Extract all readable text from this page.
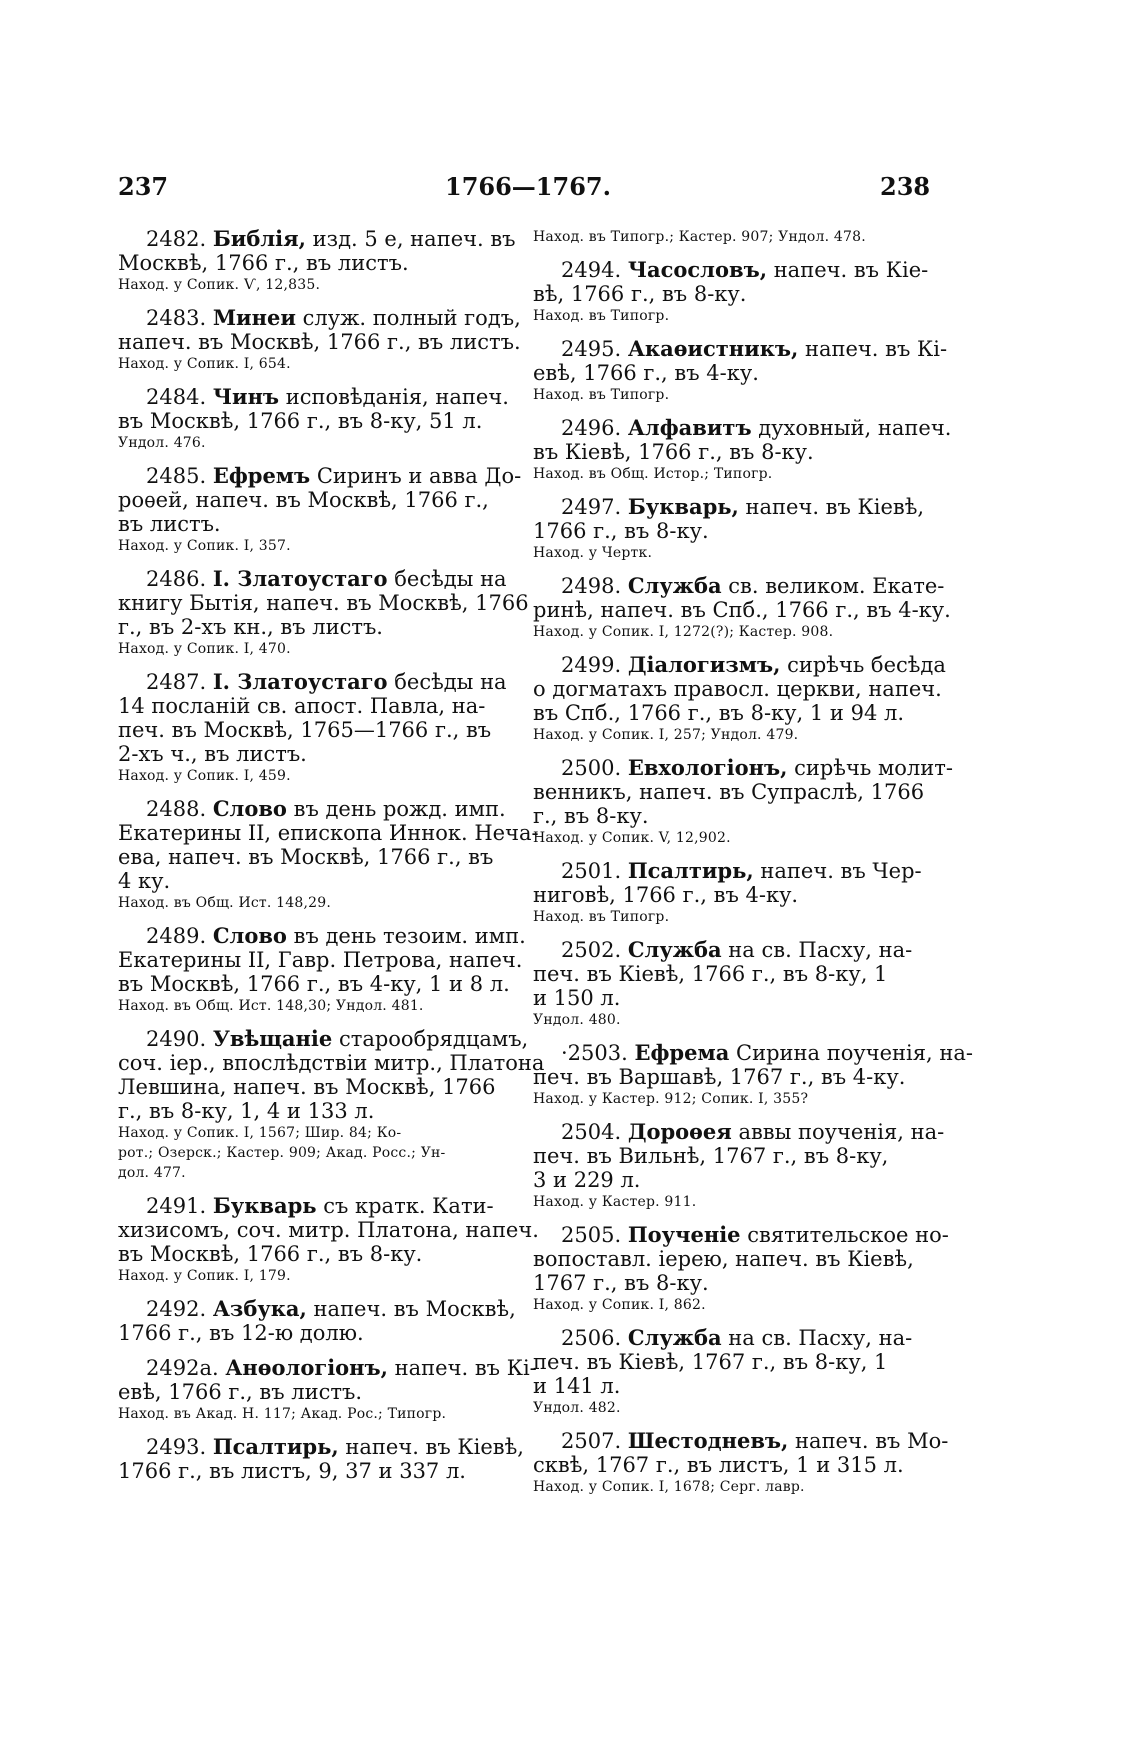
237	1766—1767.	238
2482. Библія, изд. 5 е, напеч. въ
Москвѣ, 1766 г., въ листъ.
Наход. у Сопик. Ѵ, 12,835.
2483. Минеи служ. полный годъ,
напеч. въ Москвѣ, 1766 г., въ листъ.
Наход. у Сопик. I, 654.
2484. Чинъ исповѣданія, напеч.
въ Москвѣ, 1766 г., въ 8-ку, 51 л.
Ундол. 476.
2485. Ефремъ Сиринъ и авва До-
роѳей, напеч. въ Москвѣ, 1766 г.,
въ листъ.
Наход. у Сопик. I, 357.
2486. І. Златоустаго бесѣды на
книгу Бытія, напеч. въ Москвѣ, 1766
г., въ 2-хъ кн., въ листъ.
Наход. у Сопик. I, 470.
2487. І. Златоустаго бесѣды на
14 посланій св. апост. Павла, на-
печ. въ Москвѣ, 1765—1766 г., въ
2-хъ ч., въ листъ.
Наход. у Сопик. I, 459.
2488. Слово въ день рожд. имп.
Екатерины II, епископа Иннок. Неча-
ева, напеч. въ Москвѣ, 1766 г., въ
4 ку.
Наход. въ Общ. Ист. 148,29.
2489. Слово въ день тезоим. имп.
Екатерины II, Гавр. Петрова, напеч.
въ Москвѣ, 1766 г., въ 4-ку, 1 и 8 л.
Наход. въ Общ. Ист. 148,30; Ундол. 481.
2490. Увѣщаніе старообрядцамъ,
соч. іер., впослѣдствіи митр., Платона
Левшина, напеч. въ Москвѣ, 1766
г., въ 8-ку, 1, 4 и 133 л.
Наход. у Сопик. I, 1567; Шир. 84; Ко-
рот.; Озерск.; Кастер. 909; Акад. Росс.; Ун-
дол. 477.
2491. Букварь съ кратк. Кати-
хизисомъ, соч. митр. Платона, напеч.
въ Москвѣ, 1766 г., въ 8-ку.
Наход. у Сопик. I, 179.
2492. Азбука, напеч. въ Москвѣ,
1766 г., въ 12-ю долю.
2492а. Анѳологіонъ, напеч. въ Кі-
евѣ, 1766 г., въ листъ.
Наход. въ Акад. Н. 117; Акад. Рос.; Типогр.
2493. Псалтирь, напеч. въ Кіевѣ,
1766 г., въ листъ, 9, 37 и 337 л.
Наход. въ Типогр.; Кастер. 907; Ундол. 478.
2494. Часословъ, напеч. въ Кіе-
вѣ, 1766 г., въ 8-ку.
Наход. въ Типогр.
2495. Акаѳистникъ, напеч. въ Кі-
евѣ, 1766 г., въ 4-ку.
Наход. въ Типогр.
2496. Алфавитъ духовный, напеч.
въ Кіевѣ, 1766 г., въ 8-ку.
Наход. въ Общ. Истор.; Типогр.
2497. Букварь, напеч. въ Кіевѣ,
1766 г., въ 8-ку.
Наход. у Чертк.
2498. Служба св. великом. Екате-
ринѣ, напеч. въ Спб., 1766 г., въ 4-ку.
Наход. у Сопик. I, 1272(?); Кастер. 908.
2499. Діалогизмъ, сирѣчь бесѣда
о догматахъ правосл. церкви, напеч.
въ Спб., 1766 г., въ 8-ку, 1 и 94 л.
Наход. у Сопик. I, 257; Ундол. 479.
2500. Евхологіонъ, сирѣчь молит-
венникъ, напеч. въ Супраслѣ, 1766
г., въ 8-ку.
Наход. у Сопик. V, 12,902.
2501. Псалтирь, напеч. въ Чер-
ниговѣ, 1766 г., въ 4-ку.
Наход. въ Типогр.
2502. Служба на св. Пасху, на-
печ. въ Кіевѣ, 1766 г., въ 8-ку, 1
и 150 л.
Ундол. 480.
·2503. Ефрема Сирина поученія, на-
печ. въ Варшавѣ, 1767 г., въ 4-ку.
Наход. у Кастер. 912; Сопик. I, 355?
2504. Дороѳея аввы поученія, на-
печ. въ Вильнѣ, 1767 г., въ 8-ку,
3 и 229 л.
Наход. у Кастер. 911.
2505. Поученіе святительское но-
вопоставл. іерею, напеч. въ Кіевѣ,
1767 г., въ 8-ку.
Наход. у Сопик. I, 862.
2506. Служба на св. Пасху, на-
печ. въ Кіевѣ, 1767 г., въ 8-ку, 1
и 141 л.
Ундол. 482.
2507. Шестодневъ, напеч. въ Мо-
сквѣ, 1767 г., въ листъ, 1 и 315 л.
Наход. у Сопик. I, 1678; Серг. лавр.
